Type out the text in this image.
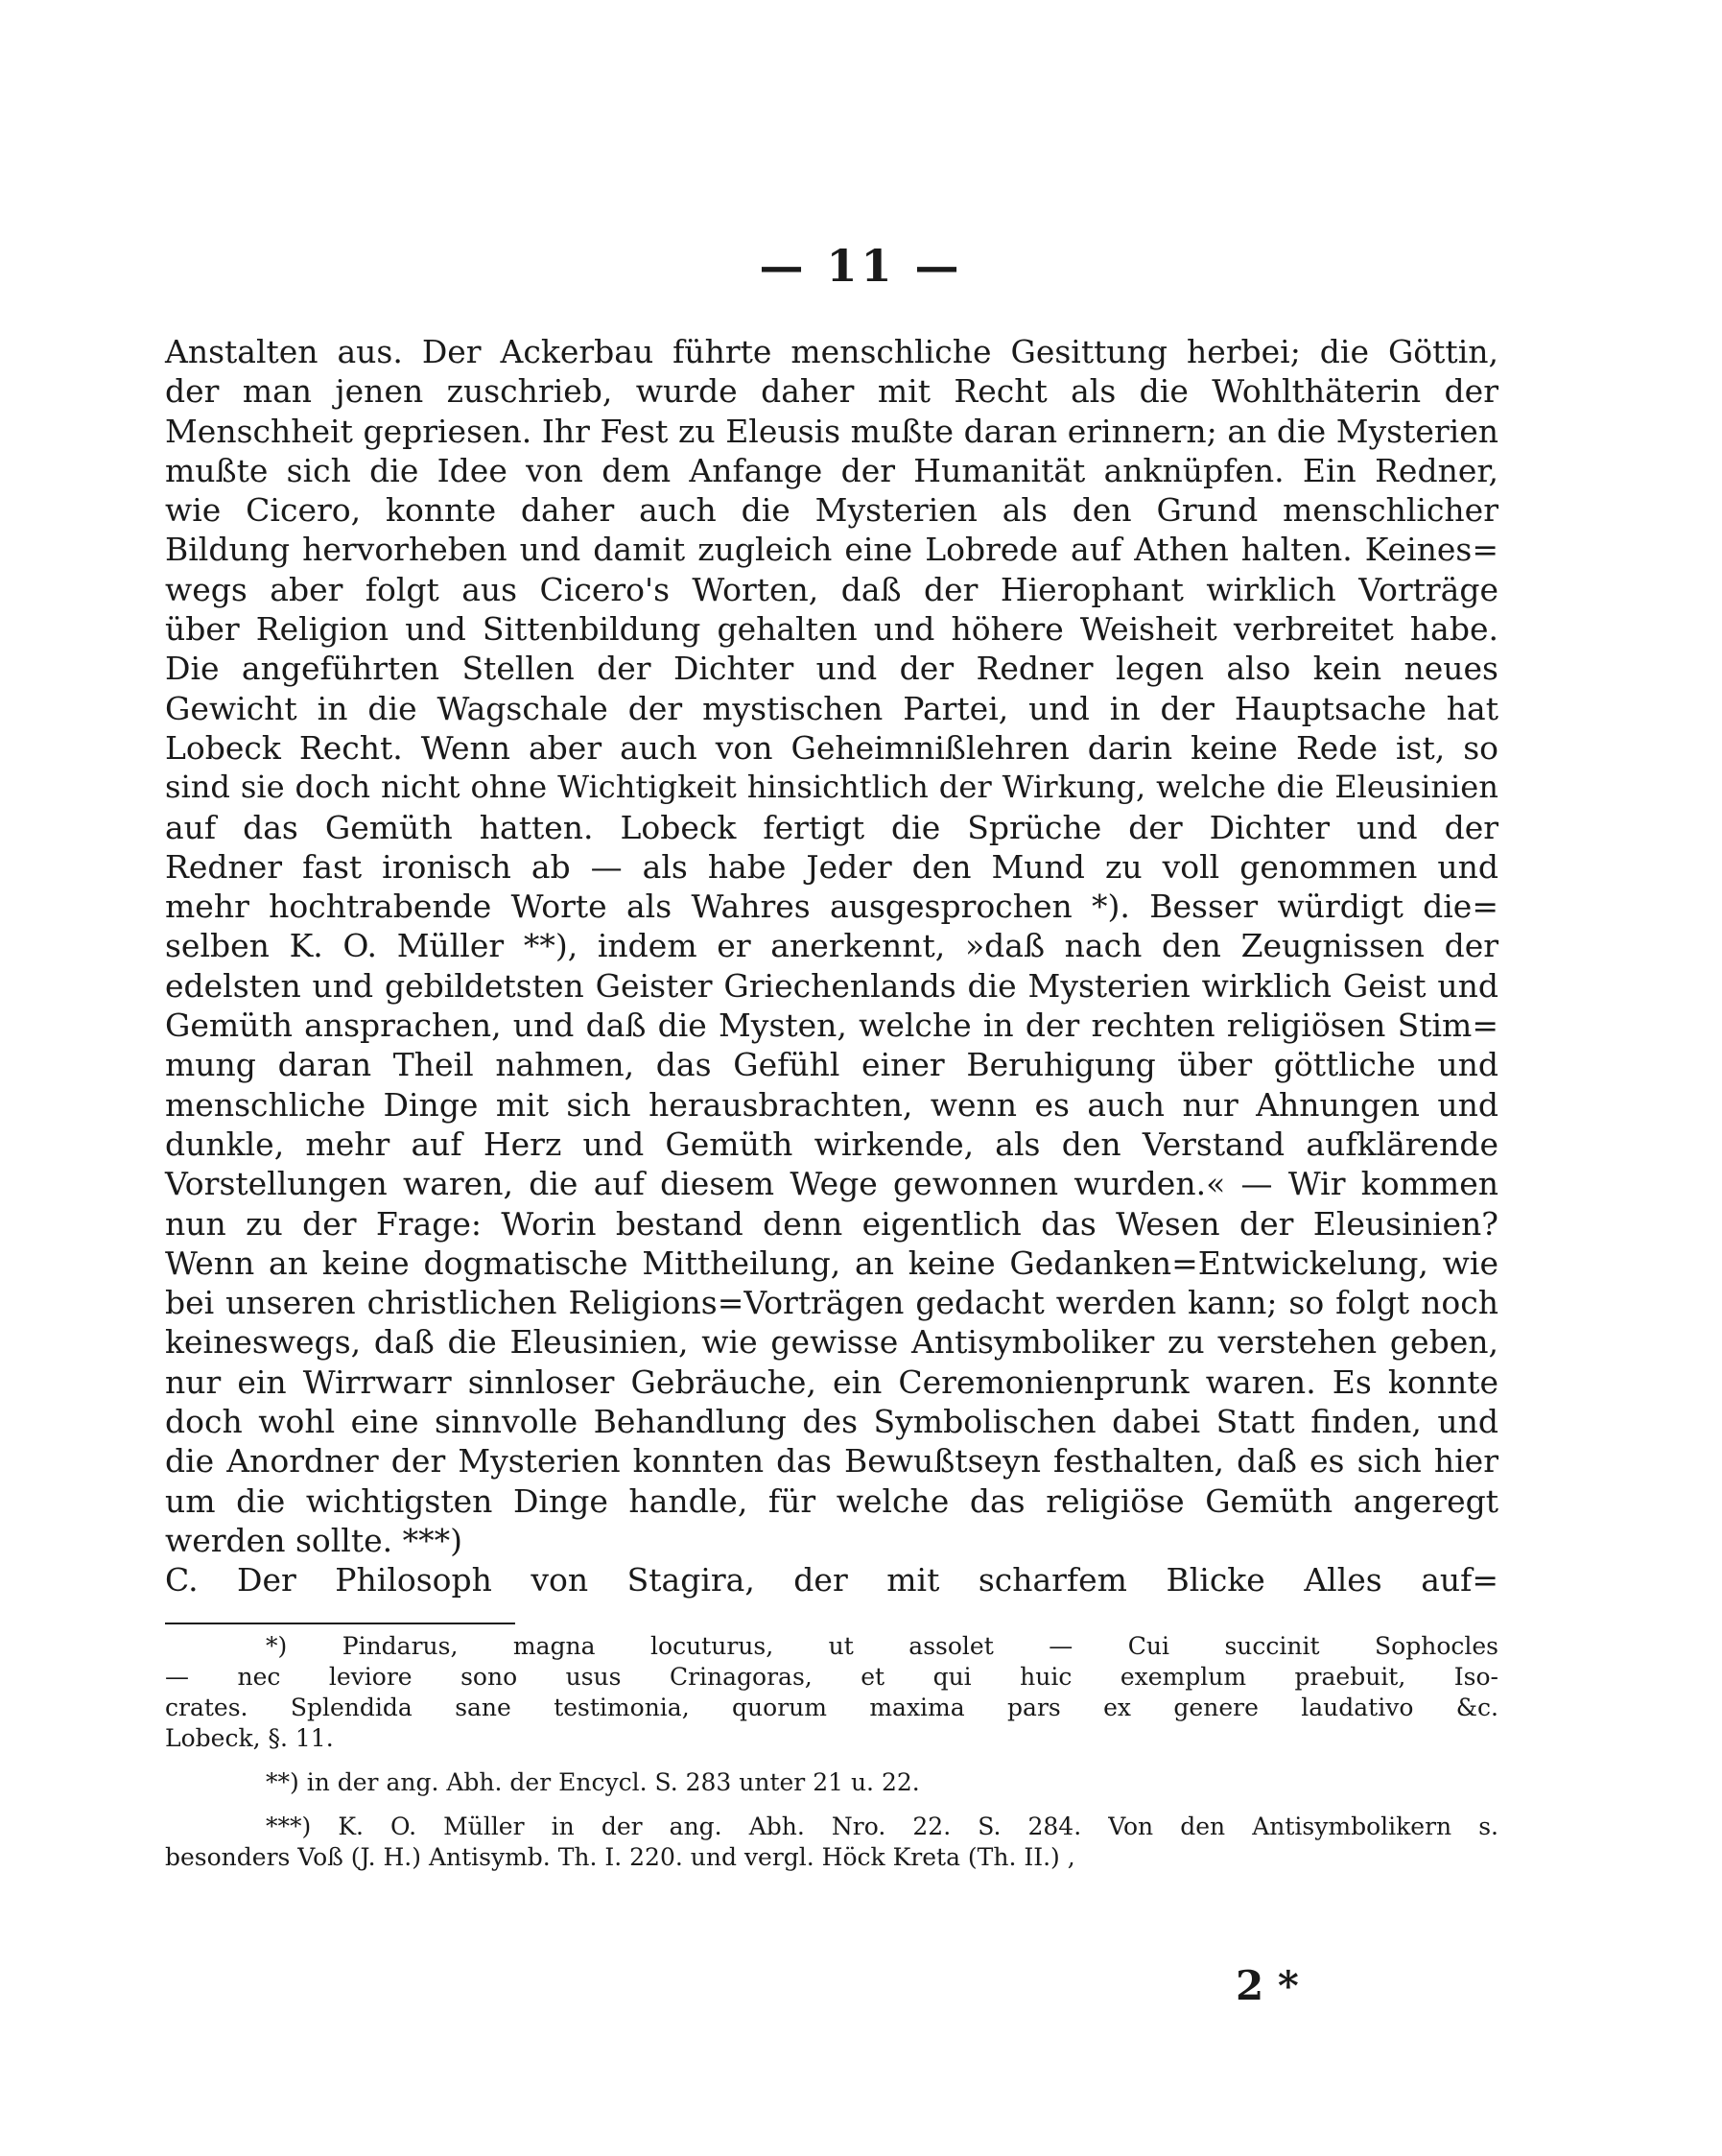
— 11 —
Anstalten aus. Der Ackerbau führte menschliche Gesittung herbei; die Göttin,
der man jenen zuschrieb, wurde daher mit Recht als die Wohlthäterin der
Menschheit gepriesen. Ihr Fest zu Eleusis mußte daran erinnern; an die Mysterien
mußte sich die Idee von dem Anfange der Humanität anknüpfen. Ein Redner,
wie Cicero, konnte daher auch die Mysterien als den Grund menschlicher
Bildung hervorheben und damit zugleich eine Lobrede auf Athen halten. Keines=
wegs aber folgt aus Cicero's Worten, daß der Hierophant wirklich Vorträge
über Religion und Sittenbildung gehalten und höhere Weisheit verbreitet habe.
Die angeführten Stellen der Dichter und der Redner legen also kein neues
Gewicht in die Wagschale der mystischen Partei, und in der Hauptsache hat
Lobeck Recht. Wenn aber auch von Geheimnißlehren darin keine Rede ist, so
sind sie doch nicht ohne Wichtigkeit hinsichtlich der Wirkung, welche die Eleusinien
auf das Gemüth hatten. Lobeck fertigt die Sprüche der Dichter und der
Redner fast ironisch ab — als habe Jeder den Mund zu voll genommen und
mehr hochtrabende Worte als Wahres ausgesprochen *). Besser würdigt die=
selben K. O. Müller **), indem er anerkennt, »daß nach den Zeugnissen der
edelsten und gebildetsten Geister Griechenlands die Mysterien wirklich Geist und
Gemüth ansprachen, und daß die Mysten, welche in der rechten religiösen Stim=
mung daran Theil nahmen, das Gefühl einer Beruhigung über göttliche und
menschliche Dinge mit sich herausbrachten, wenn es auch nur Ahnungen und
dunkle, mehr auf Herz und Gemüth wirkende, als den Verstand aufklärende
Vorstellungen waren, die auf diesem Wege gewonnen wurden.« — Wir kommen
nun zu der Frage: Worin bestand denn eigentlich das Wesen der Eleusinien?
Wenn an keine dogmatische Mittheilung, an keine Gedanken=Entwickelung, wie
bei unseren christlichen Religions=Vorträgen gedacht werden kann; so folgt noch
keineswegs, daß die Eleusinien, wie gewisse Antisymboliker zu verstehen geben,
nur ein Wirrwarr sinnloser Gebräuche, ein Ceremonienprunk waren. Es konnte
doch wohl eine sinnvolle Behandlung des Symbolischen dabei Statt finden, und
die Anordner der Mysterien konnten das Bewußtseyn festhalten, daß es sich hier
um die wichtigsten Dinge handle, für welche das religiöse Gemüth angeregt
werden sollte. ***)
C. Der Philosoph von Stagira, der mit scharfem Blicke Alles auf=
*) Pindarus, magna locuturus, ut assolet — Cui succinit Sophocles
— nec leviore sono usus Crinagoras, et qui huic exemplum praebuit, Iso-
crates. Splendida sane testimonia, quorum maxima pars ex genere laudativo &c.
Lobeck, §. 11.
**) in der ang. Abh. der Encycl. S. 283 unter 21 u. 22.
***) K. O. Müller in der ang. Abh. Nro. 22. S. 284. Von den Antisymbolikern s.
besonders Voß (J. H.) Antisymb. Th. I. 220. und vergl. Höck Kreta (Th. II.) ,
2 *
